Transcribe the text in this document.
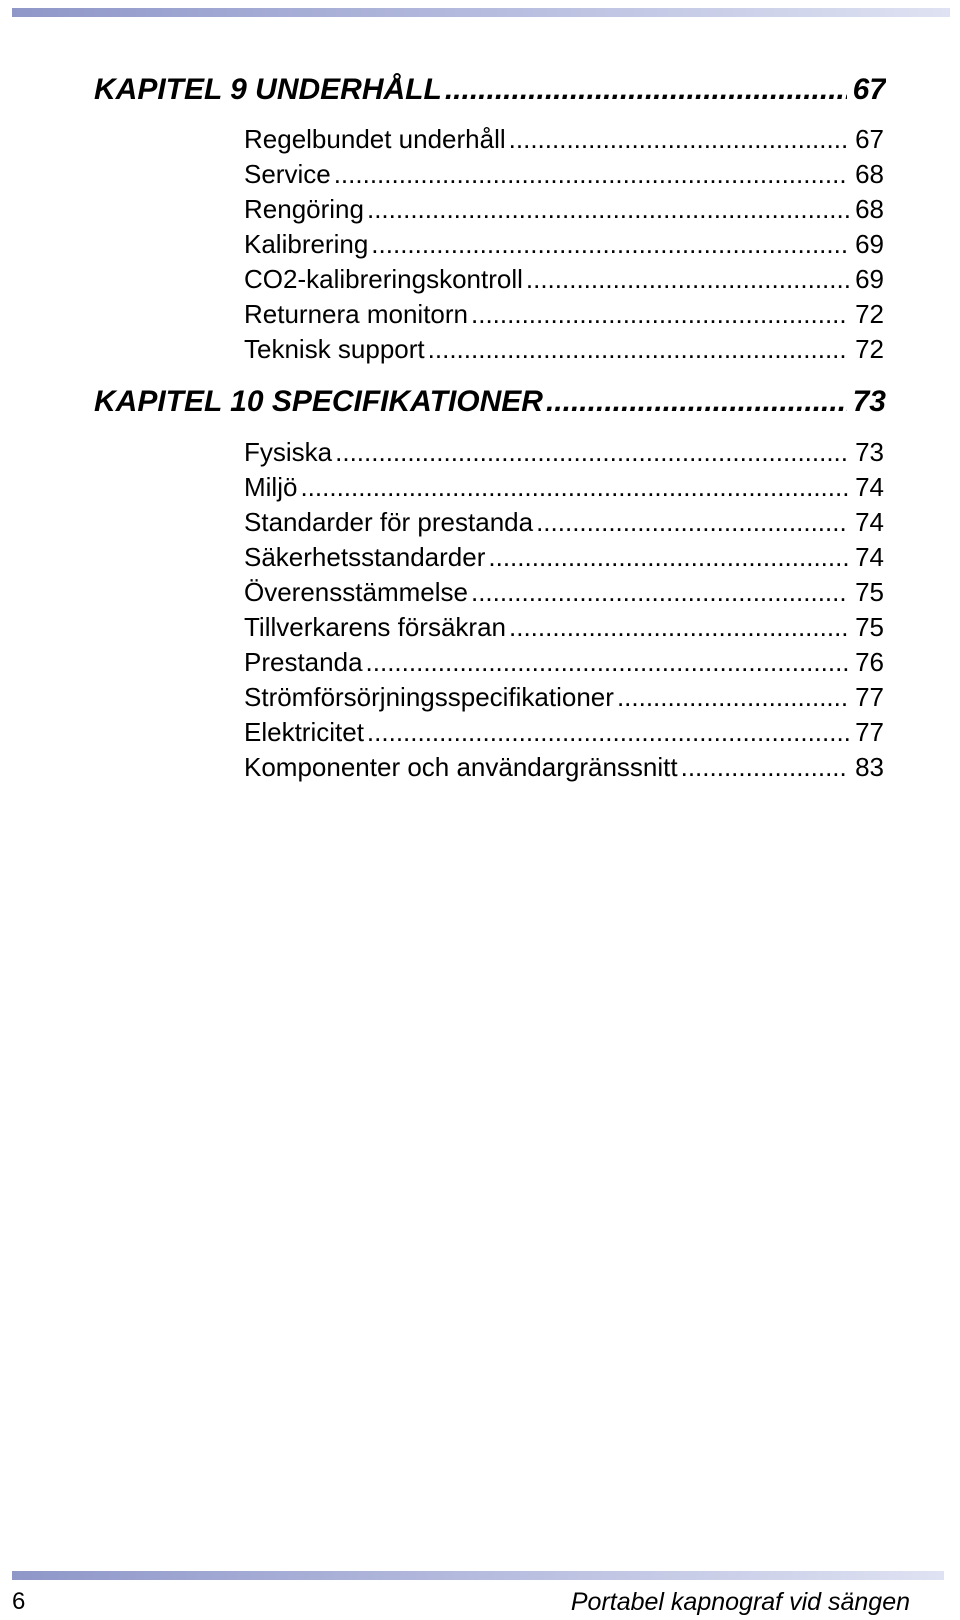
KAPITEL 9 UNDERHÅLL .....	67
Regelbundet underhåll .....	67
Service .....	68
Rengöring .....	68
Kalibrering .....	69
CO2-kalibreringskontroll .....	69
Returnera monitorn .....	72
Teknisk support .....	72
KAPITEL 10 SPECIFIKATIONER .....	73
Fysiska .....	73
Miljö .....	74
Standarder för prestanda .....	74
Säkerhetsstandarder .....	74
Överensstämmelse .....	75
Tillverkarens försäkran .....	75
Prestanda .....	76
Strömförsörjningsspecifikationer .....	77
Elektricitet .....	77
Komponenter och användargränssnitt .....	83
6	Portabel kapnograf vid sängen
